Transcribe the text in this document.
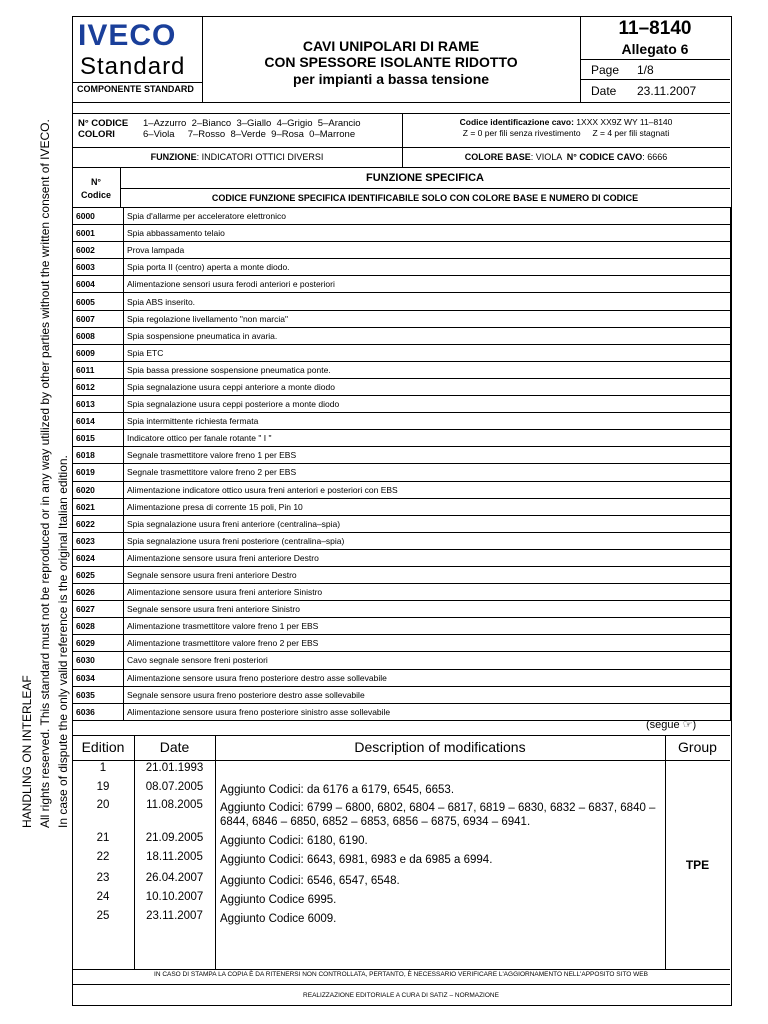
HANDLING ON INTERLEAF All rights reserved. This standard must not be reproduced or in any way utilized by other parties without the written consent of IVECO. In case of dispute the only valid reference is the original Italian edition.
IVECO
Standard
COMPONENTE STANDARD
CAVI UNIPOLARI DI RAME
CON SPESSORE ISOLANTE RIDOTTO
per impianti a bassa tensione
11–8140
Allegato 6
Page 1/8
Date 23.11.2007
N° CODICE 1–Azzurro  2–Bianco  3–Giallo  4–Grigio  5–Arancio
COLORI	6–Viola     7–Rosso  8–Verde  9–Rosa  0–Marrone
Codice identificazione cavo: 1XXX XX9Z WY 11–8140
Z = 0 per fili senza rivestimento     Z = 4 per fili stagnati
FUNZIONE: INDICATORI OTTICI DIVERSI	COLORE BASE: VIOLA N° CODICE CAVO: 6666
N°
Codice
FUNZIONE SPECIFICA
CODICE FUNZIONE SPECIFICA IDENTIFICABILE SOLO CON COLORE BASE E NUMERO DI CODICE
6000	Spia d'allarme per acceleratore elettronico
6001	Spia abbassamento telaio
6002	Prova lampada
6003	Spia porta II (centro) aperta a monte diodo.
6004	Alimentazione sensori usura ferodi anteriori e posteriori
6005	Spia ABS inserito.
6007	Spia regolazione livellamento "non marcia"
6008	Spia sospensione pneumatica in avaria.
6009	Spia ETC
6011	Spia bassa pressione sospensione pneumatica ponte.
6012	Spia segnalazione usura ceppi anteriore a monte diodo
6013	Spia segnalazione usura ceppi posteriore a monte diodo
6014	Spia intermittente richiesta fermata
6015	Indicatore ottico per fanale rotante " I "
6018	Segnale trasmettitore valore freno 1 per EBS
6019	Segnale trasmettitore valore freno 2 per EBS
6020	Alimentazione indicatore ottico usura freni anteriori e posteriori con EBS
6021	Alimentazione presa di corrente 15 poli, Pin 10
6022	Spia segnalazione usura freni anteriore (centralina–spia)
6023	Spia segnalazione usura freni posteriore (centralina–spia)
6024	Alimentazione sensore usura freni anteriore Destro
6025	Segnale sensore usura freni anteriore Destro
6026	Alimentazione sensore usura freni anteriore Sinistro
6027	Segnale sensore usura freni anteriore Sinistro
6028	Alimentazione trasmettitore valore freno 1 per EBS
6029	Alimentazione trasmettitore valore freno 2 per EBS
6030	Cavo segnale sensore freni posteriori
6034	Alimentazione sensore usura freno posteriore destro asse sollevabile
6035	Segnale sensore usura freno posteriore destro asse sollevabile
6036	Alimentazione sensore usura freno posteriore sinistro asse sollevabile
(segue ☞)
Edition	Date	Description of modifications	Group
TPE
1	21.01.1993
19	08.07.2005	Aggiunto Codici: da 6176 a 6179, 6545, 6653.
20	11.08.2005	Aggiunto Codici: 6799 – 6800, 6802, 6804 – 6817, 6819 – 6830, 6832 – 6837, 6840 – 6844, 6846 – 6850, 6852 – 6853, 6856 – 6875, 6934 – 6941.
21	21.09.2005	Aggiunto Codici: 6180, 6190.
22	18.11.2005	Aggiunto Codici: 6643, 6981, 6983 e da 6985 a 6994.
23	26.04.2007	Aggiunto Codici: 6546, 6547, 6548.
24	10.10.2007	Aggiunto Codice 6995.
25	23.11.2007	Aggiunto Codice 6009.
IN CASO DI STAMPA LA COPIA È DA RITENERSI NON CONTROLLATA, PERTANTO, È NECESSARIO VERIFICARE L'AGGIORNAMENTO NELL'APPOSITO SITO WEB
REALIZZAZIONE EDITORIALE A CURA DI SATIZ – NORMAZIONE
